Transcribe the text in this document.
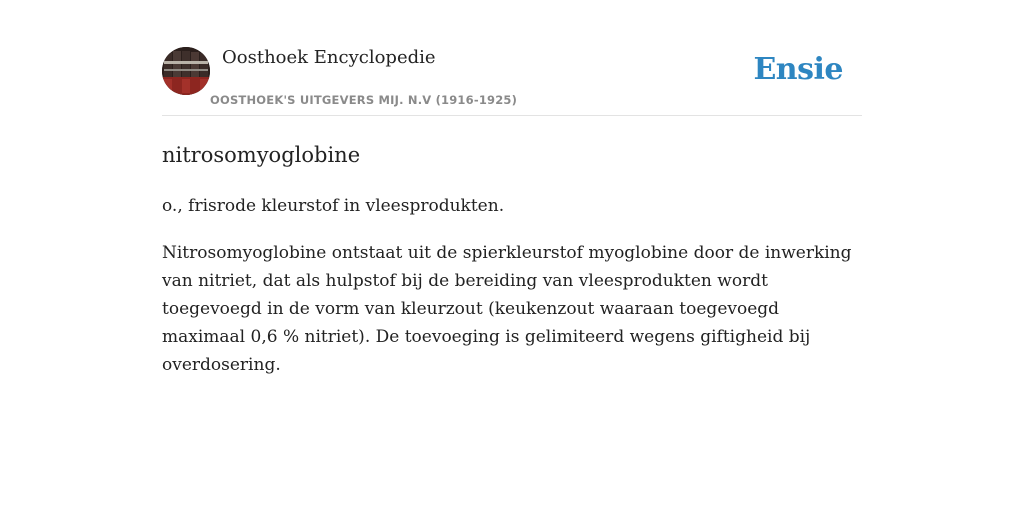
Oosthoek Encyclopedie
OOSTHOEK'S UITGEVERS MIJ. N.V (1916-1925)
Ensie
nitrosomyoglobine

o., frisrode kleurstof in vleesprodukten.

Nitrosomyoglobine ontstaat uit de spierkleurstof myoglobine door de inwerking van nitriet, dat als hulpstof bij de bereiding van vleesprodukten wordt toegevoegd in de vorm van kleurzout (keukenzout waaraan toegevoegd maximaal 0,6 % nitriet). De toevoeging is gelimiteerd wegens giftigheid bij overdosering.
